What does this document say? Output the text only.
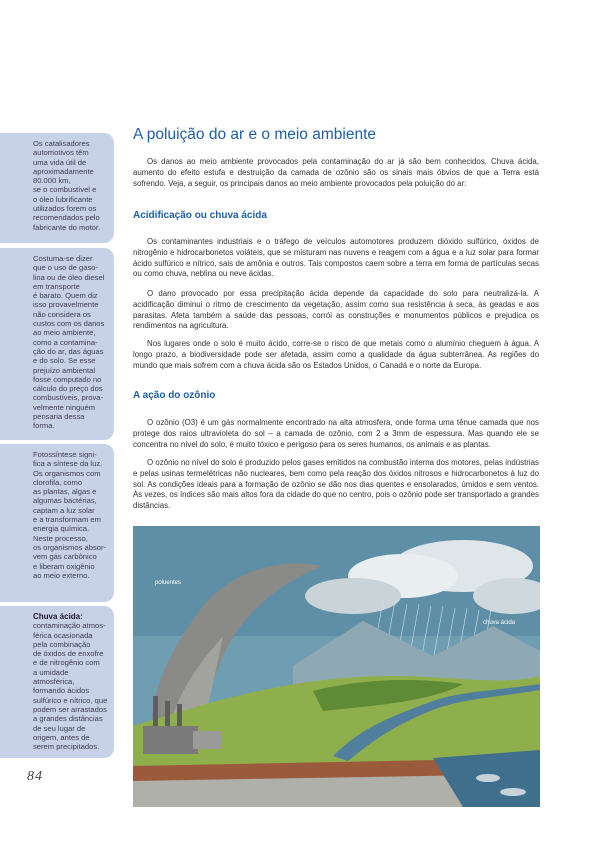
Os catalisadores
automotivos têm
uma vida útil de
aproximadamente
80.000 km,
se o combustível e
o óleo lubrificante
utilizados forem os
recomendados pelo
fabricante do motor.
Costuma-se dizer
que o uso de gaso-
lina ou de óleo diesel
em transporte
é barato. Quem diz
isso provavelmente
não considera os
custos com os danos
ao meio ambiente,
como a contamina-
ção do ar, das águas
e do solo. Se esse
prejuízo ambiental
fosse computado no
cálculo do preço dos
combustíveis, prova-
velmente ninguém
pensaria dessa forma.
Fotossíntese signi-
fica a síntese da luz.
Os organismos com
clorofila, como
as plantas, algas e
algumas bactérias,
captam a luz solar
e a transformam em
energia química.
Neste processo,
os organismos absor-
vem gás carbônico
e liberam oxigênio
ao meio externo.
Chuva ácida:
contaminação atmos-
férica ocasionada
pela combinação
de óxidos de enxofre
e de nitrogênio com
a umidade atmosférica,
formando ácidos
sulfúrico e nítrico, que
podem ser arrastados
a grandes distâncias
de seu lugar de
origem, antes de
serem precipitados.
84
A poluição do ar e o meio ambiente

Os danos ao meio ambiente provocados pela contaminação do ar já são bem conhecidos. Chuva ácida, aumento do efeito estufa e destruição da camada de ozônio são os sinais mais óbvios de que a Terra está sofrendo. Veja, a seguir, os principais danos ao meio ambiente provocados pela poluição do ar:

Acidificação ou chuva ácida

Os contaminantes industriais e o tráfego de veículos automotores produzem dióxido sulfúrico, óxidos de nitrogênio e hidrocarbonetos voláteis, que se misturam nas nuvens e reagem com a água e a luz solar para formar ácido sulfúrico e nítrico, sais de amônia e outros. Tais compostos caem sobre a terra em forma de partículas secas ou como chuva, neblina ou neve ácidas.

O dano provocado por essa precipitação ácida depende da capacidade do solo para neutralizá-la. A acidificação diminui o ritmo de crescimento da vegetação, assim como sua resistência à seca, às geadas e aos parasitas. Afeta também a saúde das pessoas, corrói as construções e monumentos públicos e prejudica os rendimentos na agricultura.

Nos lugares onde o solo é muito ácido, corre-se o risco de que metais como o alumínio cheguem à água. A longo prazo, a biodiversidade pode ser afetada, assim como a qualidade da água subterrânea. As regiões do mundo que mais sofrem com a chuva ácida são os Estados Unidos, o Canadá e o norte da Europa.

A ação do ozônio

O ozônio (O3) é um gás normalmente encontrado na alta atmosfera, onde forma uma tênue camada que nos protege dos raios ultravioleta do sol – a camada de ozônio, com 2 a 3mm de espessura. Mas quando ele se concentra no nível do solo, é muito tóxico e perigoso para os seres humanos, os animais e as plantas.

O ozônio no nível do solo é produzido pelos gases emitidos na combustão interna dos motores, pelas indústrias e pelas usinas termelétricas não nucleares, bem como pela reação dos óxidos nitrosos e hidrocarbonetos à luz do sol. As condições ideais para a formação de ozônio se dão nos dias quentes e ensolarados, úmidos e sem ventos. Às vezes, os índices são mais altos fora da cidade do que no centro, pois o ozônio pode ser transportado a grandes distâncias.

poluentes
chuva ácida
